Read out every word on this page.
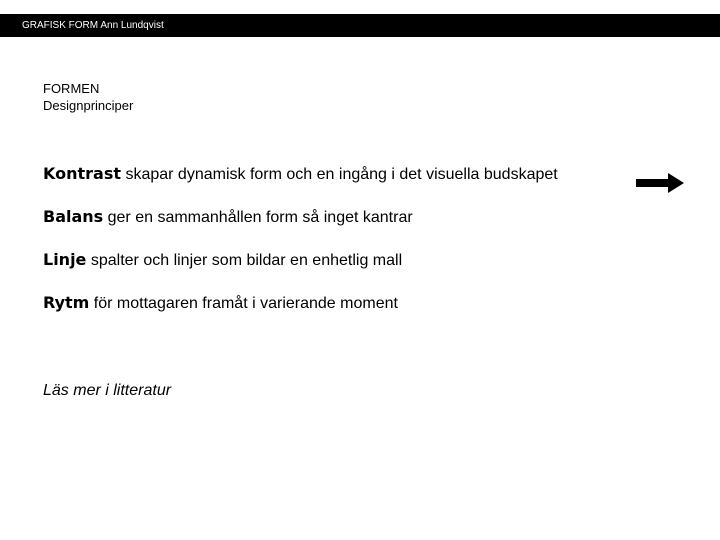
GRAFISK FORM Ann Lundqvist
FORMEN
Designprinciper
Kontrast skapar dynamisk form och en ingång i det visuella budskapet
Balans ger en sammanhållen form så inget kantrar
Linje spalter och linjer som bildar en enhetlig mall
Rytm för mottagaren framåt i varierande moment
Läs mer i litteratur
